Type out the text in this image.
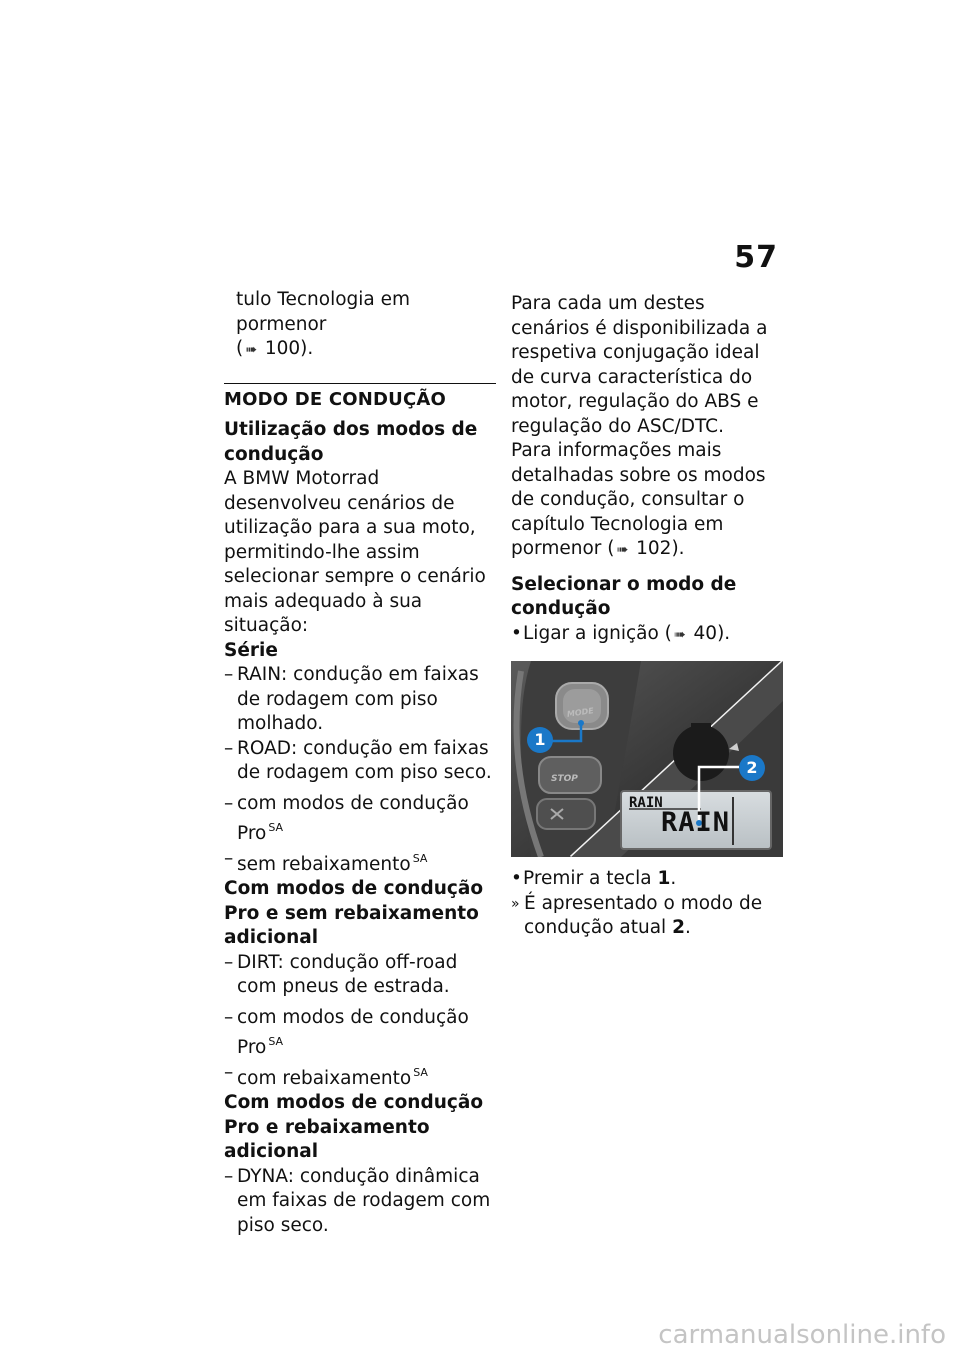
57

tulo Tecnologia em pormenor
( ➠ 100).

MODO DE CONDUÇÃO
Utilização dos modos de condução

A BMW Motorrad desenvolveu cenários de utilização para a sua moto, permitindo-lhe assim selecionar sempre o cenário mais adequado à sua situação:

Série
– RAIN: condução em faixas de rodagem com piso molhado.
– ROAD: condução em faixas de rodagem com piso seco.
– com modos de condução Pro $^{SA}$
– sem rebaixamento $^{SA}$
Com modos de condução Pro e sem rebaixamento adicional
– DIRT: condução off-road com pneus de estrada.
– com modos de condução Pro $^{SA}$
– com rebaixamento $^{SA}$
Com modos de condução Pro e rebaixamento adicional
– DYNA: condução dinâmica em faixas de rodagem com piso seco.

Para cada um destes cenários é disponibilizada a respetiva conjugação ideal de curva característica do motor, regulação do ABS e regulação do ASC/DTC.

Para informações mais detalhadas sobre os modos de condução, consultar o capítulo Tecnologia em pormenor ( ➠ 102).

Selecionar o modo de condução
• Ligar a ignição ( ➠ 40).
MODE
STOP
1
2
RAIN
RAIN
• Premir a tecla 1.
» É apresentado o modo de condução atual 2.
carmanualsonline.info
